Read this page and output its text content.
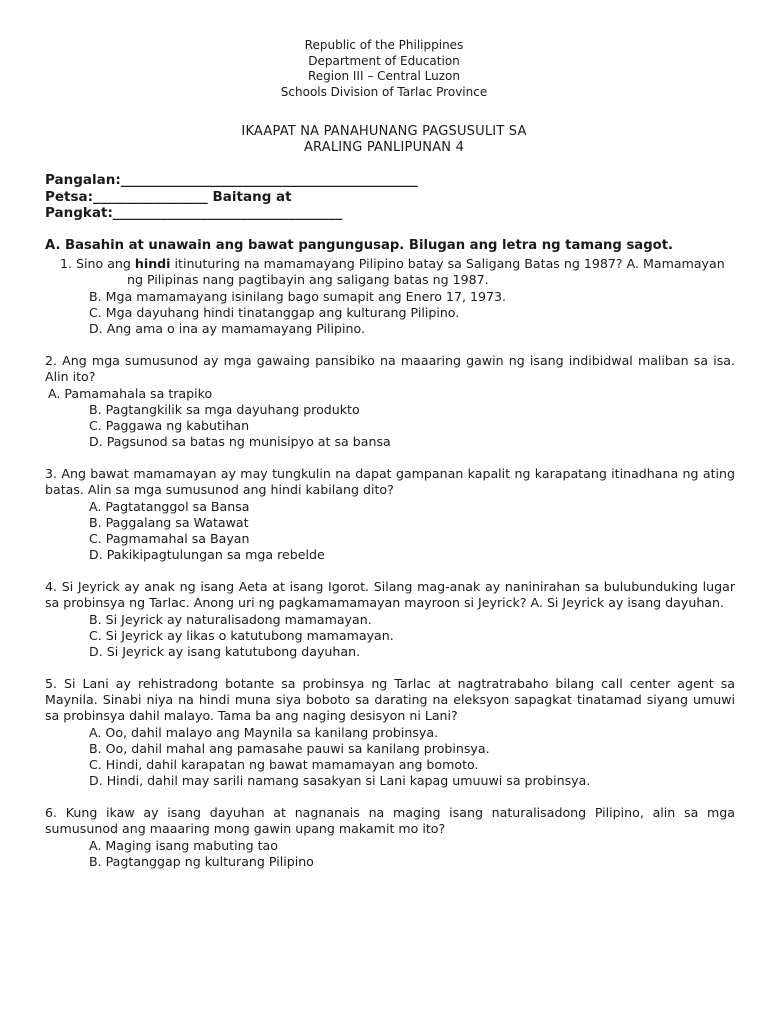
Republic of the Philippines
Department of Education
Region III – Central Luzon
Schools Division of Tarlac Province
IKAAPAT NA PANAHUNANG PAGSUSULIT SA
ARALING PANLIPUNAN 4
Pangalan:____________________________________________
Petsa:_________________ Baitang at
Pangkat:__________________________________
A. Basahin at unawain ang bawat pangungusap. Bilugan ang letra ng tamang sagot.
1. Sino ang hindi itinuturing na mamamayang Pilipino batay sa Saligang Batas ng 1987? A. Mamamayan ng Pilipinas nang pagtibayin ang saligang batas ng 1987.
B. Mga mamamayang isinilang bago sumapit ang Enero 17, 1973.
C. Mga dayuhang hindi tinatanggap ang kulturang Pilipino.
D. Ang ama o ina ay mamamayang Pilipino.
2. Ang mga sumusunod ay mga gawaing pansibiko na maaaring gawin ng isang indibidwal maliban sa isa. Alin ito?
A. Pamamahala sa trapiko
B. Pagtangkilik sa mga dayuhang produkto
C. Paggawa ng kabutihan
D. Pagsunod sa batas ng munisipyo at sa bansa
3. Ang bawat mamamayan ay may tungkulin na dapat gampanan kapalit ng karapatang itinadhana ng ating batas. Alin sa mga sumusunod ang hindi kabilang dito?
A. Pagtatanggol sa Bansa
B. Paggalang sa Watawat
C. Pagmamahal sa Bayan
D. Pakikipagtulungan sa mga rebelde
4. Si Jeyrick ay anak ng isang Aeta at isang Igorot. Silang mag-anak ay naninirahan sa bulubunduking lugar sa probinsya ng Tarlac. Anong uri ng pagkamamamayan mayroon si Jeyrick? A. Si Jeyrick ay isang dayuhan.
B. Si Jeyrick ay naturalisadong mamamayan.
C. Si Jeyrick ay likas o katutubong mamamayan.
D. Si Jeyrick ay isang katutubong dayuhan.
5. Si Lani ay rehistradong botante sa probinsya ng Tarlac at nagtratrabaho bilang call center agent sa Maynila. Sinabi niya na hindi muna siya boboto sa darating na eleksyon sapagkat tinatamad siyang umuwi sa probinsya dahil malayo. Tama ba ang naging desisyon ni Lani?
A. Oo, dahil malayo ang Maynila sa kanilang probinsya.
B. Oo, dahil mahal ang pamasahe pauwi sa kanilang probinsya.
C. Hindi, dahil karapatan ng bawat mamamayan ang bomoto.
D. Hindi, dahil may sarili namang sasakyan si Lani kapag umuuwi sa probinsya.
6. Kung ikaw ay isang dayuhan at nagnanais na maging isang naturalisadong Pilipino, alin sa mga sumusunod ang maaaring mong gawin upang makamit mo ito?
A. Maging isang mabuting tao
B. Pagtanggap ng kulturang Pilipino
